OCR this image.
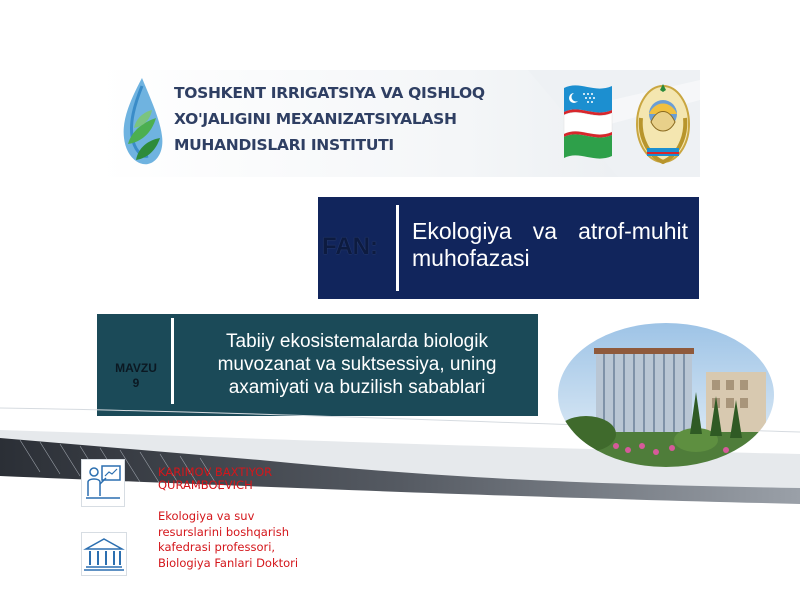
TOSHKENT IRRIGATSIYA VA QISHLOQ
XO'JALIGINI MEXANIZATSIYALASH
MUHANDISLARI INSTITUTI
FAN:
Ekologiya va atrof-muhit muhofazasi
MAVZU
9
Tabiiy ekosistemalarda biologik muvozanat va suktsessiya, uning axamiyati va buzilish sabablari
KARIMOV BAXTIYOR QURAMBOEVICH
Ekologiya va suv resurslarini boshqarish kafedrasi professori, Biologiya Fanlari Doktori
